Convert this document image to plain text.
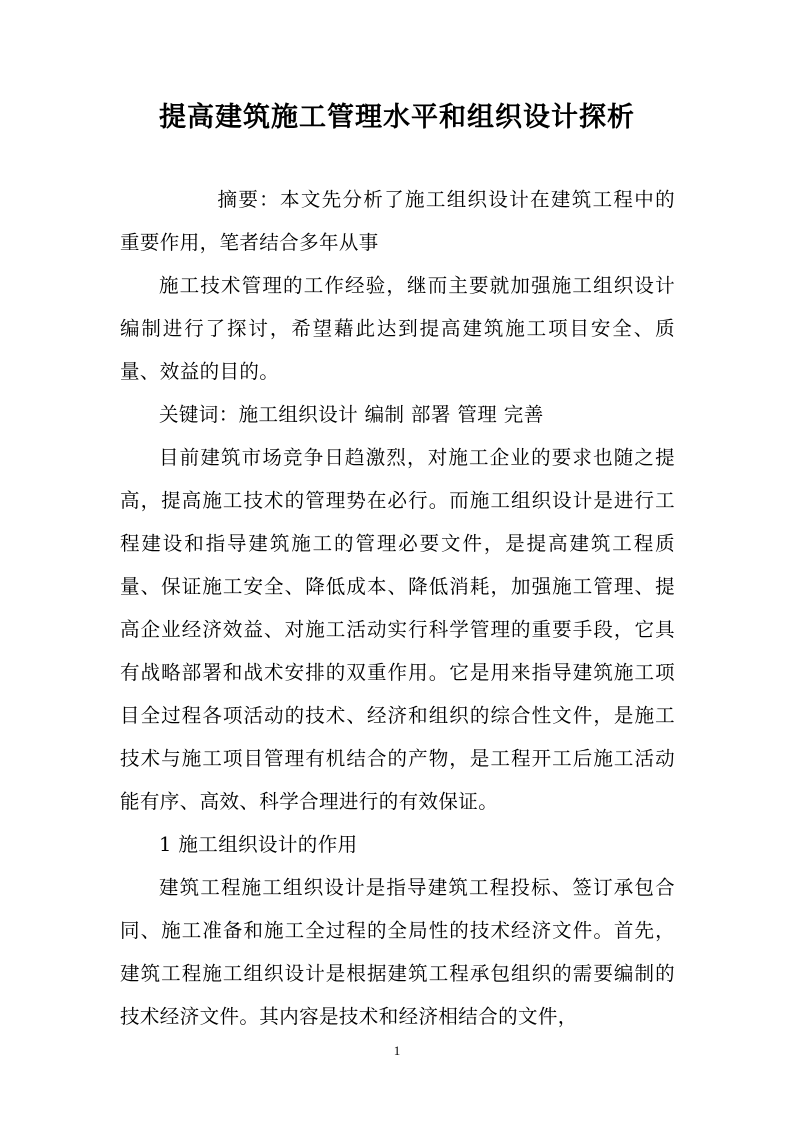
提高建筑施工管理水平和组织设计探析

摘要：本文先分析了施工组织设计在建筑工程中的重要作用，笔者结合多年从事

施工技术管理的工作经验，继而主要就加强施工组织设计编制进行了探讨，希望藉此达到提高建筑施工项目安全、质量、效益的目的。

关键词：施工组织设计 编制 部署 管理 完善

目前建筑市场竞争日趋激烈，对施工企业的要求也随之提高，提高施工技术的管理势在必行。而施工组织设计是进行工程建设和指导建筑施工的管理必要文件，是提高建筑工程质量、保证施工安全、降低成本、降低消耗，加强施工管理、提高企业经济效益、对施工活动实行科学管理的重要手段，它具有战略部署和战术安排的双重作用。它是用来指导建筑施工项目全过程各项活动的技术、经济和组织的综合性文件，是施工技术与施工项目管理有机结合的产物，是工程开工后施工活动能有序、高效、科学合理进行的有效保证。

1 施工组织设计的作用

建筑工程施工组织设计是指导建筑工程投标、签订承包合同、施工准备和施工全过程的全局性的技术经济文件。首先，建筑工程施工组织设计是根据建筑工程承包组织的需要编制的技术经济文件。其内容是技术和经济相结合的文件，

1
